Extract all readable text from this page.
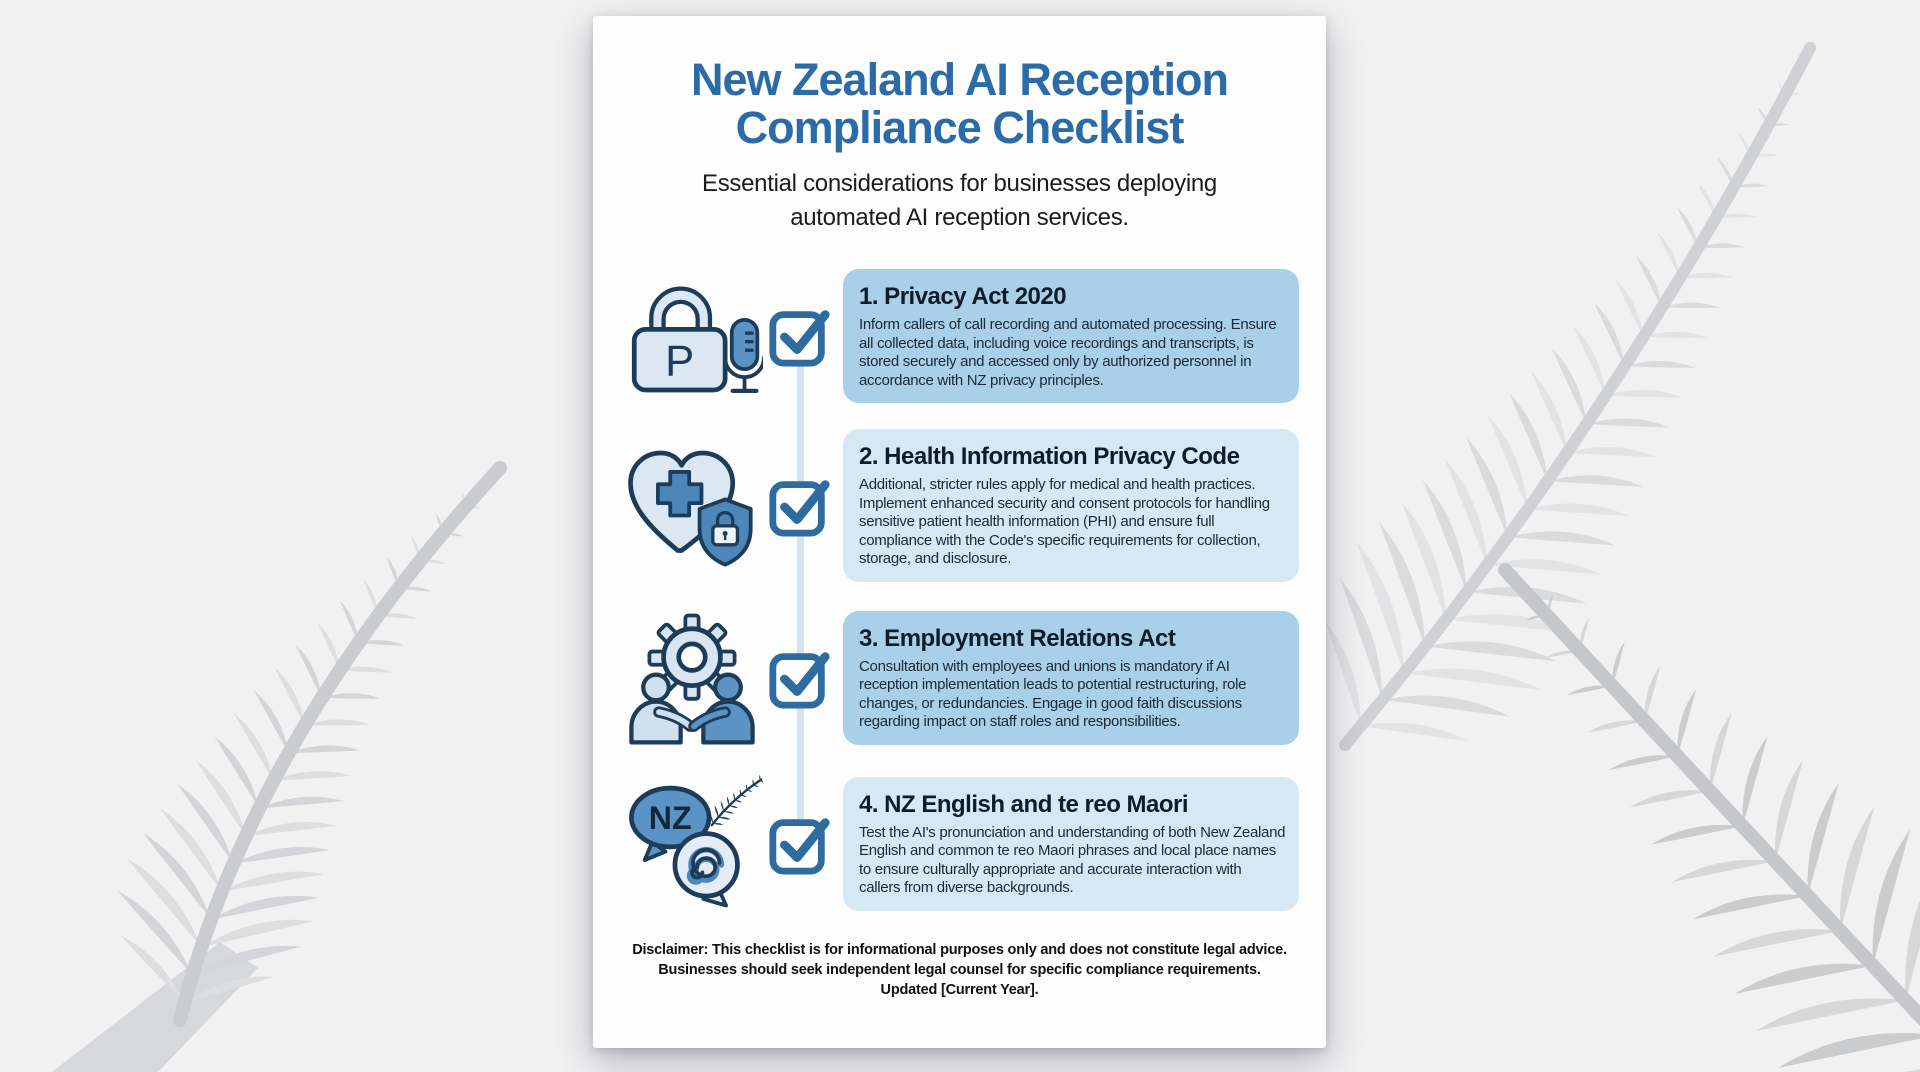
New Zealand AI Reception Compliance Checklist

Essential considerations for businesses deploying automated AI reception services.

P
1. Privacy Act 2020

Inform callers of call recording and automated processing. Ensure all collected data, including voice recordings and transcripts, is stored securely and accessed only by authorized personnel in accordance with NZ privacy principles.

2. Health Information Privacy Code

Additional, stricter rules apply for medical and health practices. Implement enhanced security and consent protocols for handling sensitive patient health information (PHI) and ensure full compliance with the Code's specific requirements for collection, storage, and disclosure.

3. Employment Relations Act

Consultation with employees and unions is mandatory if AI reception implementation leads to potential restructuring, role changes, or redundancies. Engage in good faith discussions regarding impact on staff roles and responsibilities.

NZ	4. NZ English and te reo Maori

Test the AI's pronunciation and understanding of both New Zealand English and common te reo Maori phrases and local place names to ensure culturally appropriate and accurate interaction with callers from diverse backgrounds.

Disclaimer: This checklist is for informational purposes only and does not constitute legal advice. Businesses should seek independent legal counsel for specific compliance requirements. Updated [Current Year].
